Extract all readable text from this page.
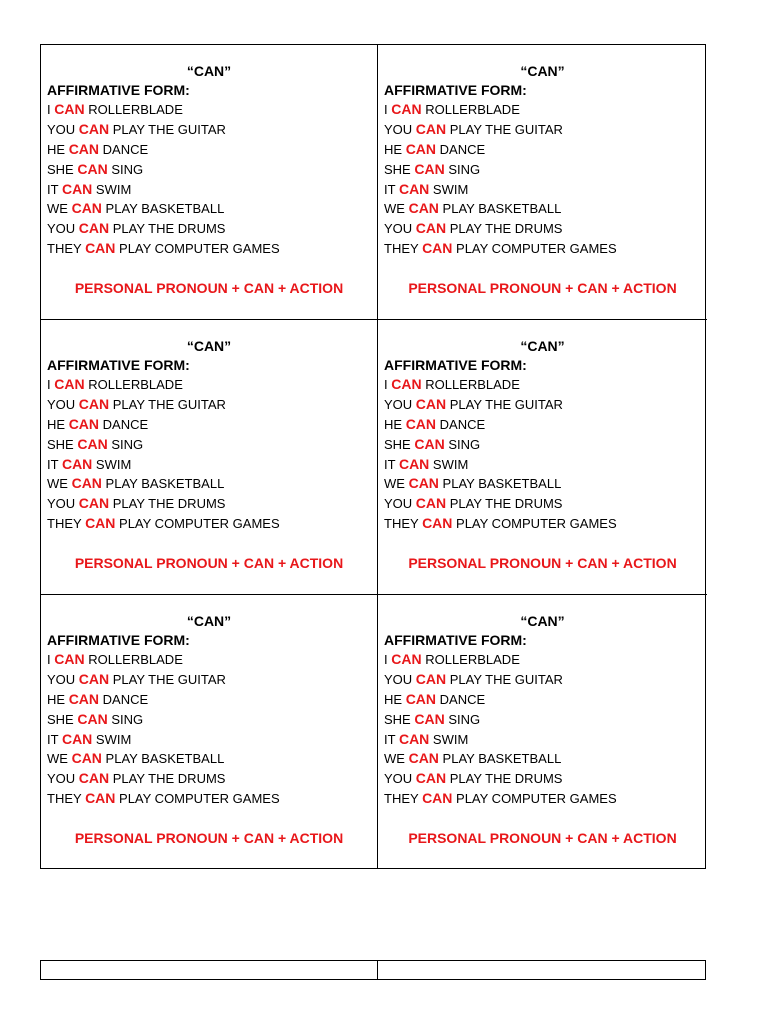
“CAN”
AFFIRMATIVE FORM:
I CAN ROLLERBLADE
YOU CAN PLAY THE GUITAR
HE CAN DANCE
SHE CAN SING
IT CAN SWIM
WE CAN PLAY BASKETBALL
YOU CAN PLAY THE DRUMS
THEY CAN PLAY COMPUTER GAMES
PERSONAL PRONOUN + CAN + ACTION
“CAN”
AFFIRMATIVE FORM:
I CAN ROLLERBLADE
YOU CAN PLAY THE GUITAR
HE CAN DANCE
SHE CAN SING
IT CAN SWIM
WE CAN PLAY BASKETBALL
YOU CAN PLAY THE DRUMS
THEY CAN PLAY COMPUTER GAMES
PERSONAL PRONOUN + CAN + ACTION
“CAN”
AFFIRMATIVE FORM:
I CAN ROLLERBLADE
YOU CAN PLAY THE GUITAR
HE CAN DANCE
SHE CAN SING
IT CAN SWIM
WE CAN PLAY BASKETBALL
YOU CAN PLAY THE DRUMS
THEY CAN PLAY COMPUTER GAMES
PERSONAL PRONOUN + CAN + ACTION
“CAN”
AFFIRMATIVE FORM:
I CAN ROLLERBLADE
YOU CAN PLAY THE GUITAR
HE CAN DANCE
SHE CAN SING
IT CAN SWIM
WE CAN PLAY BASKETBALL
YOU CAN PLAY THE DRUMS
THEY CAN PLAY COMPUTER GAMES
PERSONAL PRONOUN + CAN + ACTION
“CAN”
AFFIRMATIVE FORM:
I CAN ROLLERBLADE
YOU CAN PLAY THE GUITAR
HE CAN DANCE
SHE CAN SING
IT CAN SWIM
WE CAN PLAY BASKETBALL
YOU CAN PLAY THE DRUMS
THEY CAN PLAY COMPUTER GAMES
PERSONAL PRONOUN + CAN + ACTION
“CAN”
AFFIRMATIVE FORM:
I CAN ROLLERBLADE
YOU CAN PLAY THE GUITAR
HE CAN DANCE
SHE CAN SING
IT CAN SWIM
WE CAN PLAY BASKETBALL
YOU CAN PLAY THE DRUMS
THEY CAN PLAY COMPUTER GAMES
PERSONAL PRONOUN + CAN + ACTION
